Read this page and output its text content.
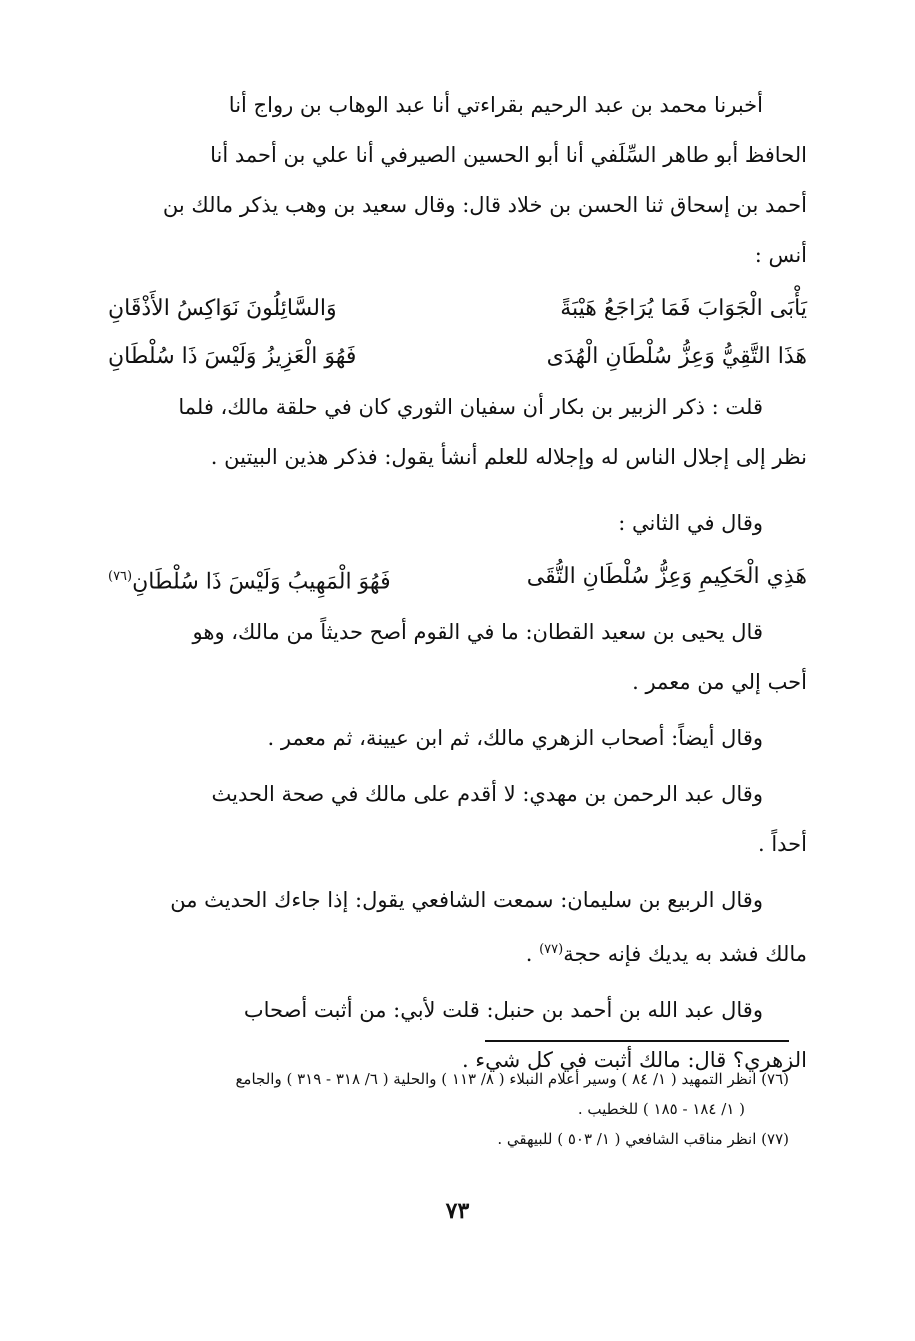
أخبرنا محمد بن عبد الرحيم بقراءتي أنا عبد الوهاب بن رواج أنا
الحافظ أبو طاهر السِّلَفي أنا أبو الحسين الصيرفي أنا علي بن أحمد أنا
أحمد بن إسحاق ثنا الحسن بن خلاد قال: وقال سعيد بن وهب يذكر مالك بن
أنس :

يَأْبَى الْجَوَابَ فَمَا يُرَاجَعُ هَيْبَةً
وَالسَّائِلُونَ نَوَاكِسُ الأَذْقَانِ
هَذَا التَّقِيُّ وَعِزُّ سُلْطَانِ الْهُدَى
فَهُوَ الْعَزِيزُ وَلَيْسَ ذَا سُلْطَانِ

قلت : ذكر الزبير بن بكار أن سفيان الثوري كان في حلقة مالك، فلما
نظر إلى إجلال الناس له وإجلاله للعلم أنشأ يقول: فذكر هذين البيتين .

وقال في الثاني :

هَذِي الْحَكِيمِ وَعِزُّ سُلْطَانِ التُّقَى
فَهُوَ الْمَهِيبُ وَلَيْسَ ذَا سُلْطَانِ$^{(٧٦)}$

قال يحيى بن سعيد القطان: ما في القوم أصح حديثاً من مالك، وهو
أحب إلي من معمر .

وقال أيضاً: أصحاب الزهري مالك، ثم ابن عيينة، ثم معمر .

وقال عبد الرحمن بن مهدي: لا أقدم على مالك في صحة الحديث
أحداً .

وقال الربيع بن سليمان: سمعت الشافعي يقول: إذا جاءك الحديث من
مالك فشد به يديك فإنه حجة$^{(٧٧)}$ .

وقال عبد الله بن أحمد بن حنبل: قلت لأبي: من أثبت أصحاب
الزهري؟ قال: مالك أثبت في كل شيء .

(٧٦) انظر التمهيد ( ١/ ٨٤ ) وسير أعلام النبلاء ( ٨/ ١١٣ ) والحلية ( ٦/ ٣١٨ - ٣١٩ ) والجامع
( ١/ ١٨٤ - ١٨٥ ) للخطيب .
(٧٧) انظر مناقب الشافعي ( ١/ ٥٠٣ ) للبيهقي .
٧٣
